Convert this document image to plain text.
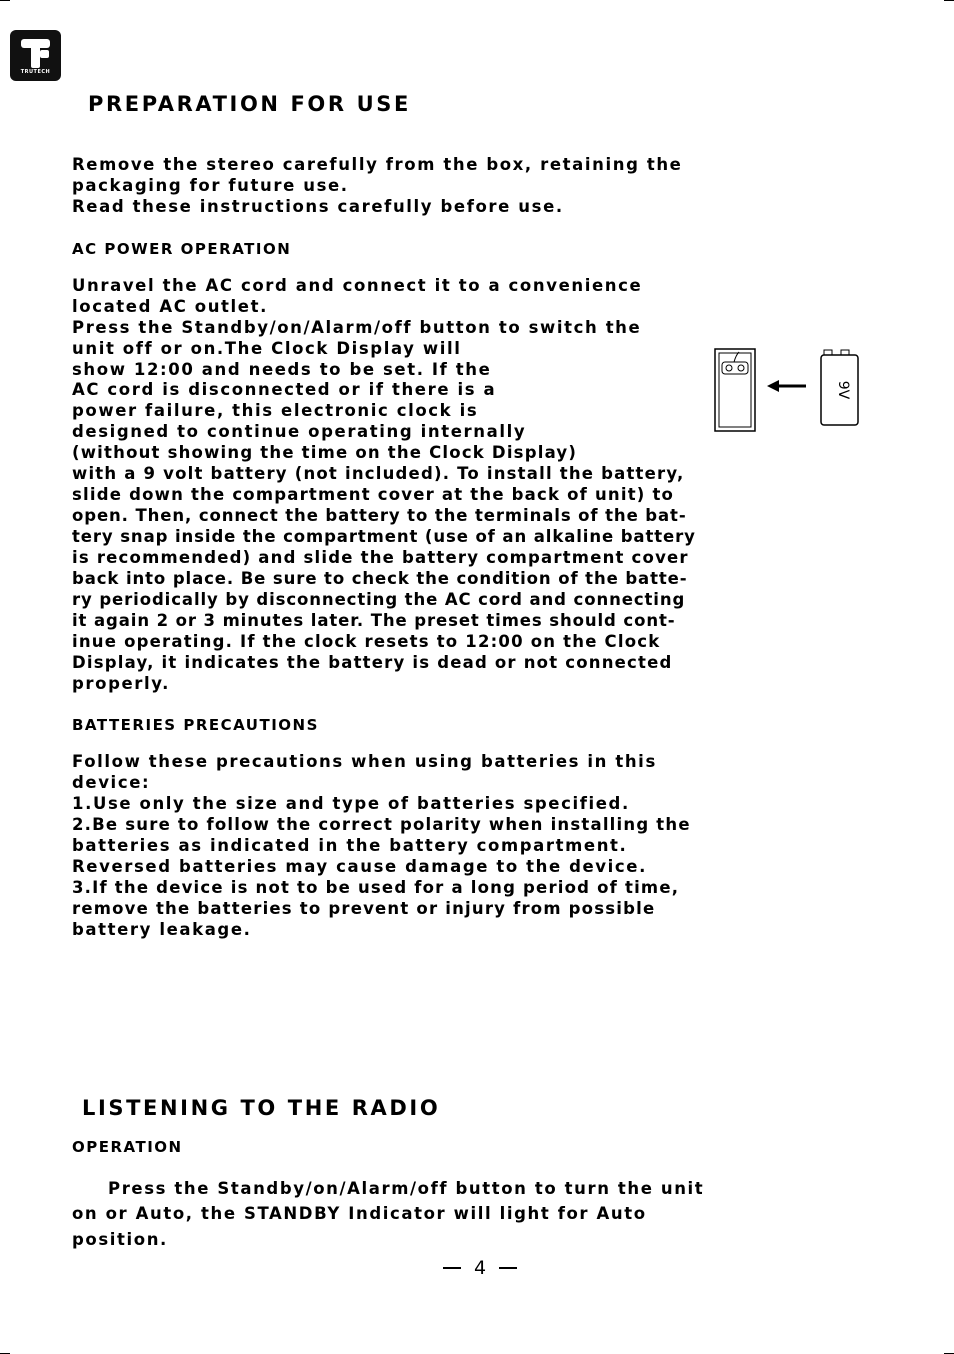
TRUTECH
PREPARATION FOR USE
Remove the stereo carefully from the box, retaining the
packaging for future use.
Read these instructions carefully before use.
AC POWER OPERATION
Unravel the AC cord and connect it to a convenience
located AC outlet.
Press the Standby/on/Alarm/off button to switch the
unit off or on.The Clock Display will
show 12:00 and needs to be set. If the
AC cord is disconnected or if there is a
power failure, this electronic clock is
designed to continue operating internally
(without showing the time on the Clock Display)
with a 9 volt battery (not included). To install the battery,
slide down the compartment cover at the back of unit) to
open. Then, connect the battery to the terminals of the bat-
tery snap inside the compartment (use of an alkaline battery
is recommended) and slide the battery compartment cover
back into place. Be sure to check the condition of the batte-
ry periodically by disconnecting the AC cord and connecting
it again 2 or 3 minutes later. The preset times should cont-
inue operating. If the clock resets to 12:00 on the Clock
Display, it indicates the battery is dead or not connected
properly.
9V
BATTERIES PRECAUTIONS
Follow these precautions when using batteries in this
device:
1.Use only the size and type of batteries specified.
2.Be sure to follow the correct polarity when installing the
batteries as indicated in the battery compartment.
Reversed batteries may cause damage to the device.
3.If the device is not to be used for a long period of time,
remove the batteries to prevent or injury from possible
battery leakage.
LISTENING TO THE RADIO
OPERATION
Press the Standby/on/Alarm/off button to turn the unit
on or Auto, the STANDBY Indicator will light for Auto
position.
4
